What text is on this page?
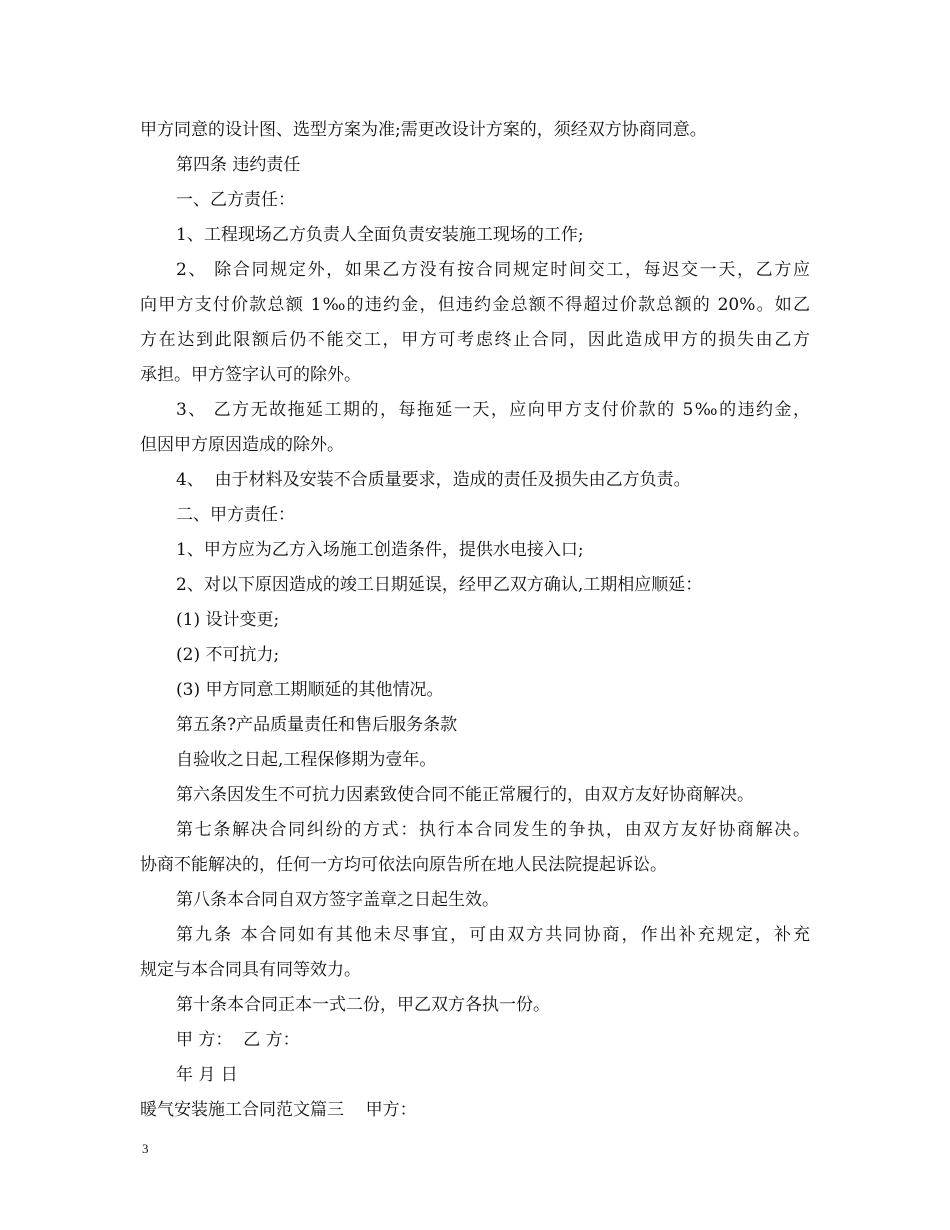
甲方同意的设计图、选型方案为准;需更改设计方案的，须经双方协商同意。
第四条 违约责任
一、乙方责任：
1、工程现场乙方负责人全面负责安装施工现场的工作;
2、 除合同规定外，如果乙方没有按合同规定时间交工，每迟交一天，乙方应
向甲方支付价款总额 1‰的违约金，但违约金总额不得超过价款总额的 20%。如乙
方在达到此限额后仍不能交工，甲方可考虑终止合同，因此造成甲方的损失由乙方
承担。甲方签字认可的除外。
3、 乙方无故拖延工期的，每拖延一天，应向甲方支付价款的 5‰的违约金，
但因甲方原因造成的除外。
4、  由于材料及安装不合质量要求，造成的责任及损失由乙方负责。
二、甲方责任：
1、甲方应为乙方入场施工创造条件，提供水电接入口;
2、对以下原因造成的竣工日期延误，经甲乙双方确认,工期相应顺延：
(1) 设计变更;
(2) 不可抗力;
(3) 甲方同意工期顺延的其他情况。
第五条?产品质量责任和售后服务条款
自验收之日起,工程保修期为壹年。
第六条因发生不可抗力因素致使合同不能正常履行的，由双方友好协商解决。
第七条解决合同纠纷的方式：执行本合同发生的争执，由双方友好协商解决。
协商不能解决的，任何一方均可依法向原告所在地人民法院提起诉讼。
第八条本合同自双方签字盖章之日起生效。
第九条 本合同如有其他未尽事宜，可由双方共同协商，作出补充规定，补充
规定与本合同具有同等效力。
第十条本合同正本一式二份，甲乙双方各执一份。
甲 方：  乙 方：
年 月 日
暖气安装施工合同范文篇三    甲方：
3
